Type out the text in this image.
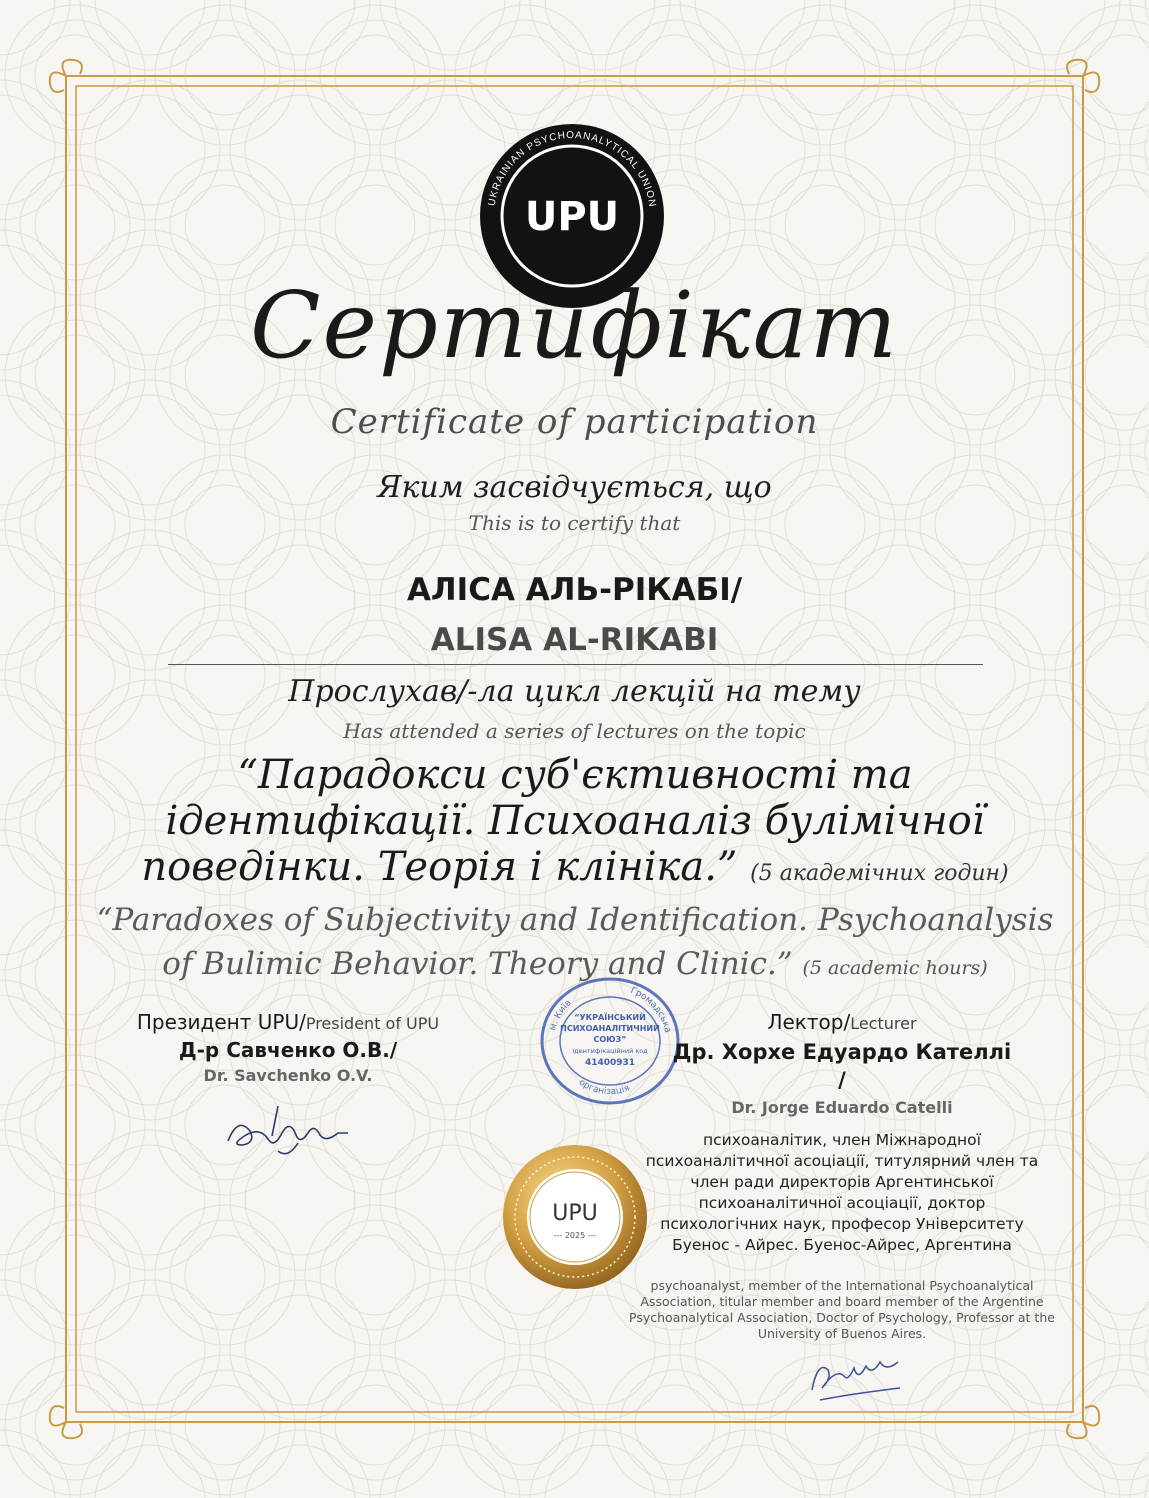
UKRAINIAN PSYCHOANALYTICAL UNION
UPU
Сертифікат
Certificate of participation
Яким засвідчується, що
This is to certify that
АЛІСА АЛЬ-РІКАБІ/
ALISA AL-RIKABI
Прослухав/-ла цикл лекцій на тему
Has attended a series of lectures on the topic
“Парадокси суб'єктивності та ідентифікації. Психоаналіз булімічної поведінки. Теорія і клініка.” (5 академічних годин)
“Paradoxes of Subjectivity and Identification. Psychoanalysis of Bulimic Behavior. Theory and Clinic.” (5 academic hours)
Президент UPU/President of UPU
Д-р Савченко О.В./
Dr. Savchenko O.V.
м. Київ
Громадська
організація
“УКРАЇНСЬКИЙ
ПСИХОАНАЛІТИЧНИЙ
СОЮЗ”
Ідентифікаційний код
41400931
Лектор/Lecturer
Др. Хорхе Едуардо Кателлі /
Dr. Jorge Eduardo Catelli
психоаналітик, член Міжнародної психоаналітичної асоціації, титулярний член та член ради директорів Аргентинської психоаналітичної асоціації, доктор психологічних наук, професор Університету Буенос - Айрес. Буенос-Айрес, Аргентина
psychoanalyst, member of the International Psychoanalytical Association, titular member and board member of the Argentine Psychoanalytical Association, Doctor of Psychology, Professor at the University of Buenos Aires.
UPU
--- 2025 ---
